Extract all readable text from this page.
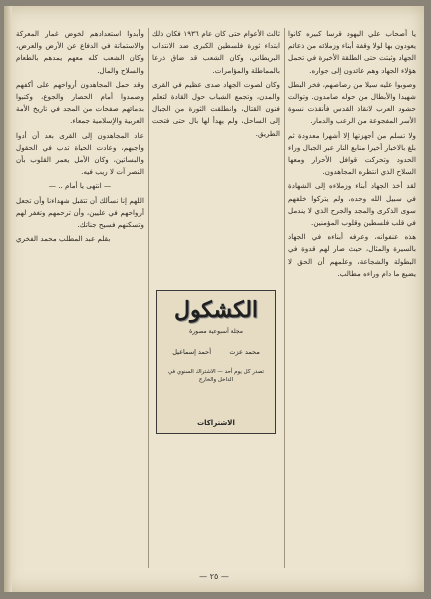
يا أصحاب علي اليهود قرسا كبيره كانوا يعودون بها لولا وقفة أبناء وزملائه من ذعائم الجهاد وثبتت حتى الطلقة الأخيرة في تحمل هؤلاء الجهاد وهم عائدون إلى جواره.

وصوبوا عليه سيلا من رصاصهم، فخر البطل شهيدا والأبطال من حوله صامدون. وتوالت حشود العرب لانقاذ القدس فأنقذت نسوة الأسر المفجوعة من الرعب والدمار.

ولا تسلم من أجهزتها إلا أشهرا معدودة ثم بلغ بالاخبار أخيرا منابع النار عبر الجبال وراء الحدود وتحركت قوافل الأحرار ومعها السلاح الذي انتظره المجاهدون.

لقد أخذ الجهاد أبناء وزملاءه إلى الشهادة في سبيل الله وحده، ولم يتركوا خلفهم سوى الذكرى والمجد والجرح الذي لا يندمل في قلب فلسطين وقلوب المؤمنين.

هذه عنفوانه، وعرفه أبناءه في الجهاد بالسيرة والمثال، حيث صار لهم قدوة في البطولة والشجاعة، وعلمهم أن الحق لا يضيع ما دام وراءه مطالب.

ثالث الأعوام حتى كان عام ١٩٣٦ فكان ذلك ابتداء ثورة فلسطين الكبرى ضد الانتداب البريطاني، وكان الشعب قد ضاق ذرعا بالمماطلة والمؤامرات.

وكان لصوت الجهاد صدى عظيم في القرى والمدن، وتجمع الشباب حول القادة لتعلم فنون القتال، وانطلقت الثورة من الجبال إلى الساحل، ولم يهدأ لها بال حتى فتحت الطريق.

الكشكول
مجلة أسبوعية مصورة
محمد عزت
أحمد إسماعيل
تصدر كل يوم أحد — الاشتراك السنوي في الداخل والخارج
الاشتراكات

وأبدوا استعدادهم لخوض غمار المعركة والاستماتة في الدفاع عن الأرض والعرض، وكان الشعب كله معهم يمدهم بالطعام والسلاح والمال.

وقد حمل المجاهدون أرواحهم على أكفهم وصمدوا أمام الحصار والجوع، وكتبوا بدمائهم صفحات من المجد في تاريخ الأمة العربية والإسلامية جمعاء.

عاد المجاهدون إلى القرى بعد أن أدوا واجبهم، وعادت الحياة تدب في الحقول والبساتين، وكان الأمل يعمر القلوب بأن النصر آت لا ريب فيه.

— انتهى يا أمام .. —

اللهم إنا نسألك أن تتقبل شهداءنا وأن تجعل أرواحهم في عليين، وأن ترحمهم وتغفر لهم وتسكنهم فسيح جناتك.

بقلم عبد المطلب محمد الفخري

— ٢٥ —
